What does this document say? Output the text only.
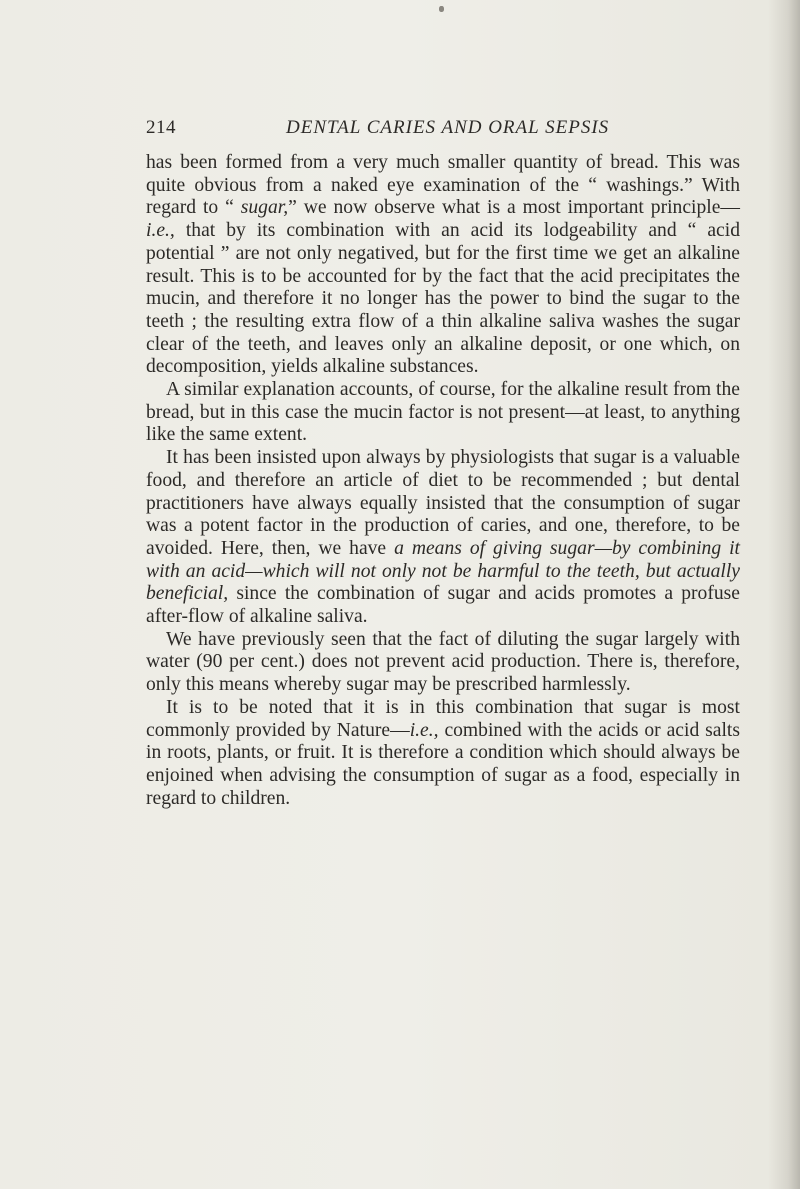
214	DENTAL CARIES AND ORAL SEPSIS

has been formed from a very much smaller quantity of bread. This was quite obvious from a naked eye examination of the “ washings.” With regard to “ sugar,” we now observe what is a most important principle—i.e., that by its combination with an acid its lodgeability and “ acid potential ” are not only negatived, but for the first time we get an alkaline result. This is to be accounted for by the fact that the acid precipitates the mucin, and therefore it no longer has the power to bind the sugar to the teeth ; the resulting extra flow of a thin alkaline saliva washes the sugar clear of the teeth, and leaves only an alkaline deposit, or one which, on decomposition, yields alkaline substances.

A similar explanation accounts, of course, for the alkaline result from the bread, but in this case the mucin factor is not present—at least, to anything like the same extent.

It has been insisted upon always by physiologists that sugar is a valuable food, and therefore an article of diet to be recommended ; but dental practitioners have always equally insisted that the consumption of sugar was a potent factor in the production of caries, and one, therefore, to be avoided. Here, then, we have a means of giving sugar—by combining it with an acid—which will not only not be harmful to the teeth, but actually beneficial, since the combination of sugar and acids promotes a profuse after-flow of alkaline saliva.

We have previously seen that the fact of diluting the sugar largely with water (90 per cent.) does not prevent acid production. There is, therefore, only this means whereby sugar may be prescribed harmlessly.

It is to be noted that it is in this combination that sugar is most commonly provided by Nature—i.e., combined with the acids or acid salts in roots, plants, or fruit. It is therefore a condition which should always be enjoined when advising the consumption of sugar as a food, especially in regard to children.
